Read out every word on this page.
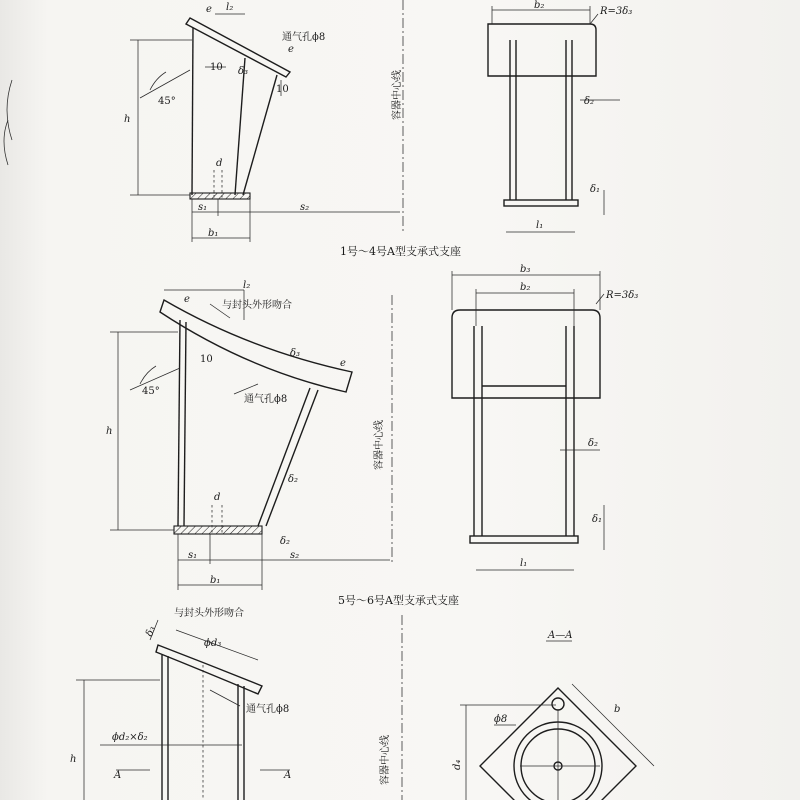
e l₂
通气孔ϕ8
e
10 δ₃
10
45°
h
d
s₁	s₂
b₁
容器中心线
b₂
R=3δ₃
δ₂
δ₁
l₁
1号～4号A型支承式支座
l₂
e
与封头外形吻合
δ₃
e
10
45°
通气孔ϕ8
h
δ₂
d
δ₂
s₁	s₂
b₁
容器中心线
b₃
b₂
R=3δ₃
δ₂
δ₁
l₁
5号～6号A型支承式支座
δ₃
与封头外形吻合
ϕd₃
通气孔ϕ8
ϕd₂×δ₂
h
A	A	容器中心线
A—A
b
ϕ8
d₄
